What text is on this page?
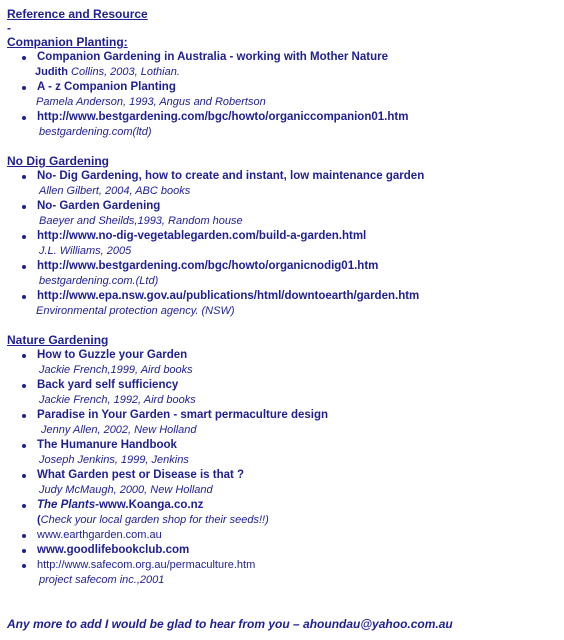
Reference and Resource
-
Companion Planting:
Companion Gardening in Australia - working with Mother Nature
Judith Collins, 2003, Lothian.
A - z Companion Planting
Pamela Anderson, 1993, Angus and Robertson
http://www.bestgardening.com/bgc/howto/organiccompanion01.htm
bestgardening.com(ltd)
No Dig Gardening
No- Dig Gardening, how to create and instant, low maintenance garden
Allen Gilbert, 2004, ABC books
No- Garden Gardening
Baeyer and Sheilds,1993, Random house
http://www.no-dig-vegetablegarden.com/build-a-garden.html
J.L. Williams, 2005
http://www.bestgardening.com/bgc/howto/organicnodig01.htm
bestgardening.com.(Ltd)
http://www.epa.nsw.gov.au/publications/html/downtoearth/garden.htm
Environmental protection agency. (NSW)
Nature Gardening
How to Guzzle your Garden
Jackie French,1999, Aird books
Back yard self sufficiency
Jackie French, 1992, Aird books
Paradise in Your Garden - smart permaculture design
Jenny Allen, 2002, New Holland
The Humanure Handbook
Joseph Jenkins, 1999, Jenkins
What Garden pest or Disease is that ?
Judy McMaugh, 2000, New Holland
The Plants-www.Koanga.co.nz
(Check your local garden shop for their seeds!!)
www.earthgarden.com.au
www.goodlifebookclub.com
http://www.safecom.org.au/permaculture.htm
project safecom inc.,2001
Any more to add I would be glad to hear from you – ahoundau@yahoo.com.au
